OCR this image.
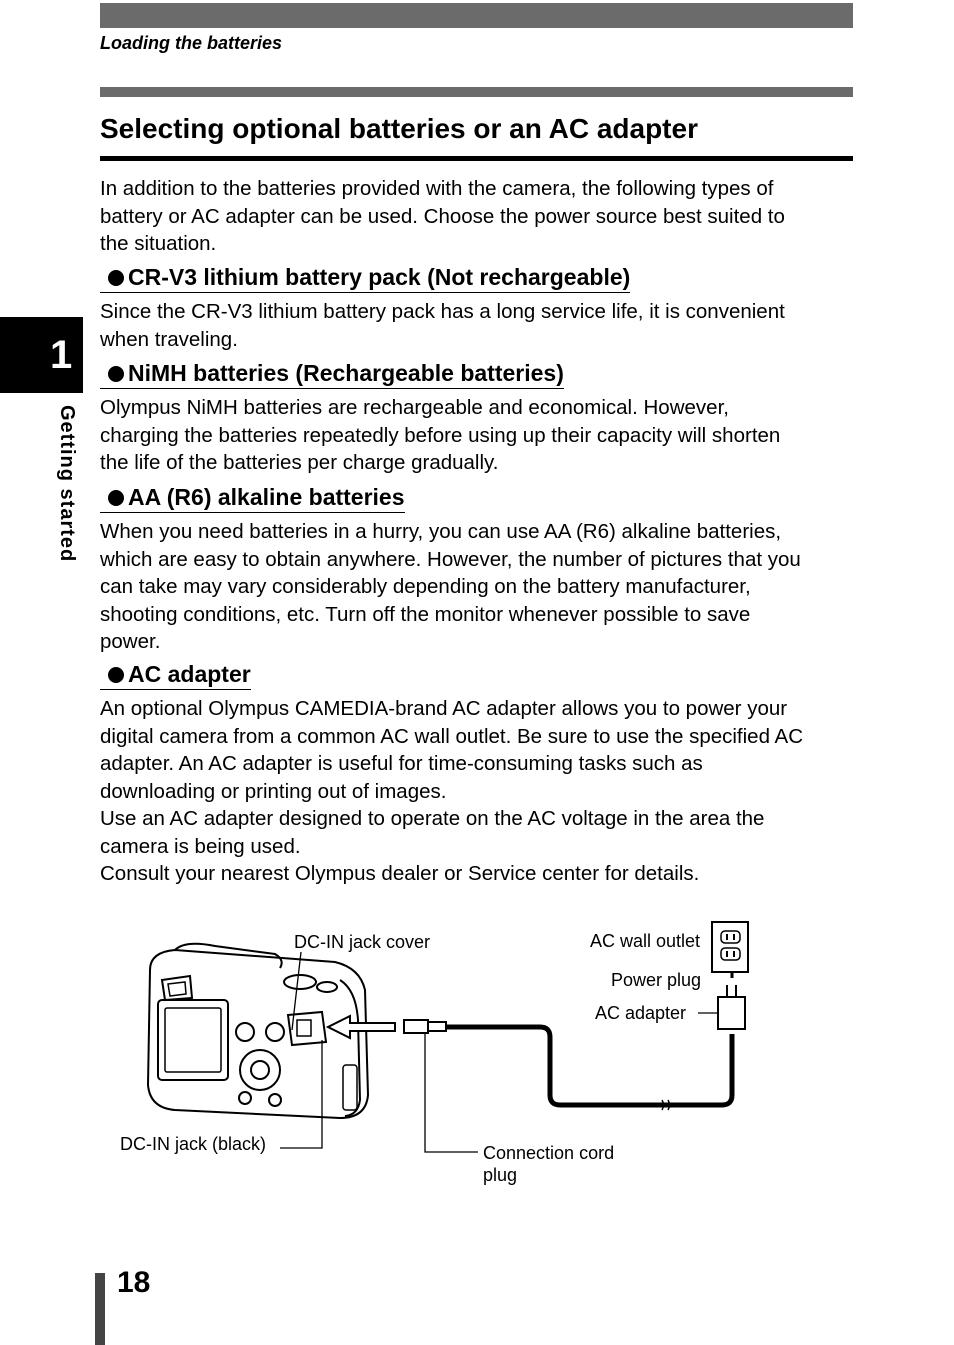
Loading the batteries
Selecting optional batteries or an AC adapter
1
Getting started

In addition to the batteries provided with the camera, the following types of
battery or AC adapter can be used. Choose the power source best suited to
the situation.

CR-V3 lithium battery pack (Not rechargeable)

Since the CR-V3 lithium battery pack has a long service life, it is convenient
when traveling.

NiMH batteries (Rechargeable batteries)

Olympus NiMH batteries are rechargeable and economical. However,
charging the batteries repeatedly before using up their capacity will shorten
the life of the batteries per charge gradually.

AA (R6) alkaline batteries

When you need batteries in a hurry, you can use AA (R6) alkaline batteries,
which are easy to obtain anywhere. However, the number of pictures that you
can take may vary considerably depending on the battery manufacturer,
shooting conditions, etc. Turn off the monitor whenever possible to save
power.

AC adapter

An optional Olympus CAMEDIA-brand AC adapter allows you to power your
digital camera from a common AC wall outlet. Be sure to use the specified AC
adapter. An AC adapter is useful for time-consuming tasks such as
downloading or printing out of images.
Use an AC adapter designed to operate on the AC voltage in the area the
camera is being used.
Consult your nearest Olympus dealer or Service center for details.

DC-IN jack cover	AC wall outlet
Power plug
AC adapter
DC-IN jack (black)	Connection cord
plug
18
